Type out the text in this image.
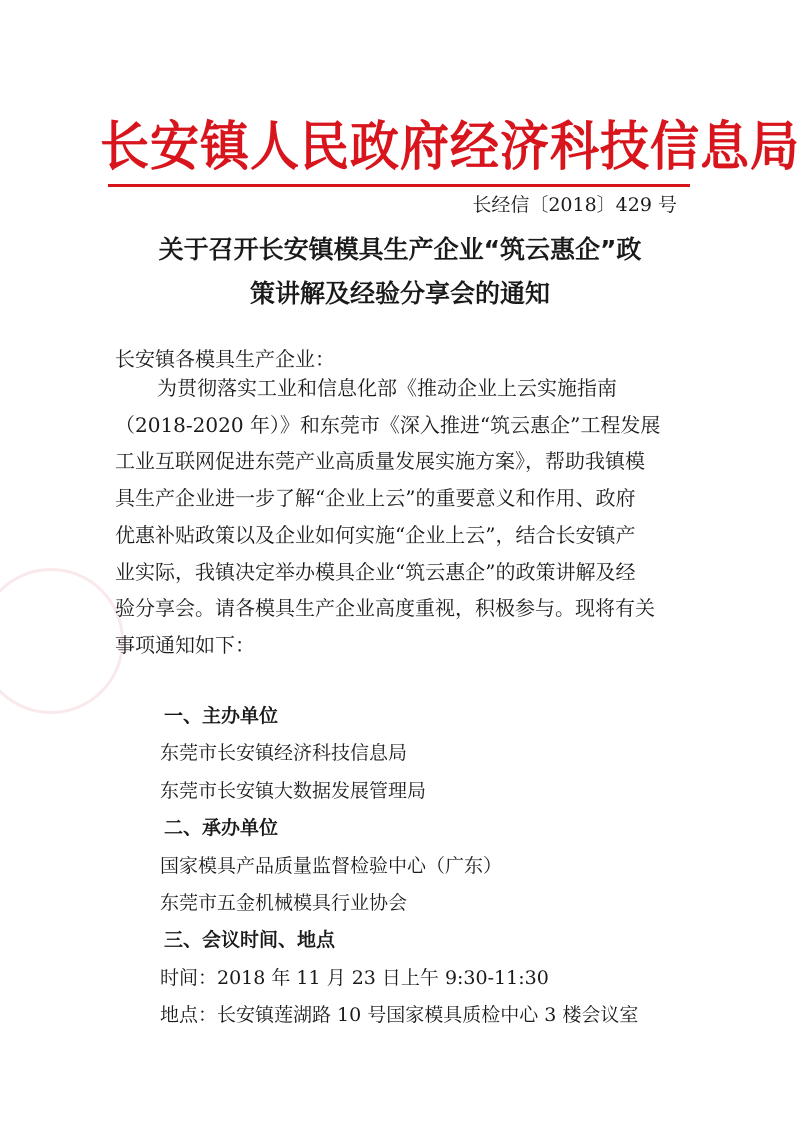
长安镇人民政府经济科技信息局
长经信〔2018〕429 号
关于召开长安镇模具生产企业“筑云惠企”政
策讲解及经验分享会的通知
长安镇各模具生产企业：
为贯彻落实工业和信息化部《推动企业上云实施指南
（2018-2020 年）》和东莞市《深入推进“筑云惠企”工程发展
工业互联网促进东莞产业高质量发展实施方案》，帮助我镇模
具生产企业进一步了解“企业上云”的重要意义和作用、政府
优惠补贴政策以及企业如何实施“企业上云”，结合长安镇产
业实际，我镇决定举办模具企业“筑云惠企”的政策讲解及经
验分享会。请各模具生产企业高度重视，积极参与。现将有关
事项通知如下：
一、主办单位
东莞市长安镇经济科技信息局
东莞市长安镇大数据发展管理局
二、承办单位
国家模具产品质量监督检验中心（广东）
东莞市五金机械模具行业协会
三、会议时间、地点
时间：2018 年 11 月 23 日上午 9:30-11:30
地点：长安镇莲湖路 10 号国家模具质检中心 3 楼会议室
